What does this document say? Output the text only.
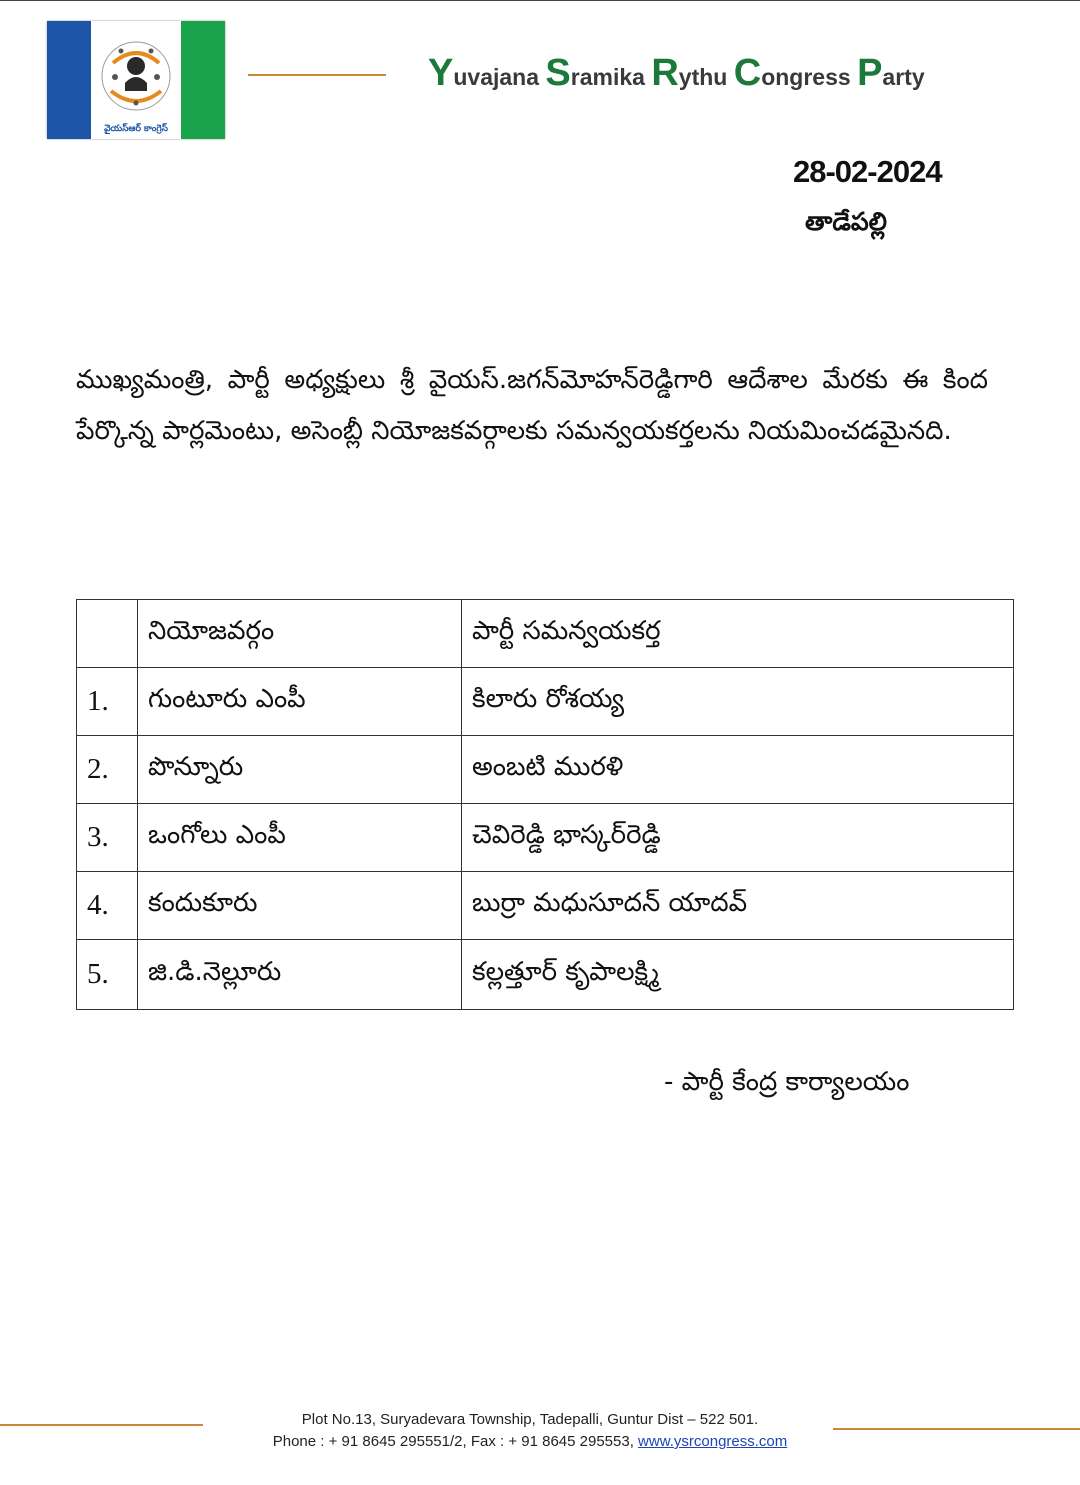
వైయస్ఆర్ కాంగ్రెస్
Yuvajana Sramika Rythu Congress Party
28-02-2024
తాడేపల్లి
ముఖ్యమంత్రి, పార్టీ అధ్యక్షులు శ్రీ వైయస్.జగన్‌మోహన్‌రెడ్డిగారి ఆదేశాల మేరకు ఈ కింద పేర్కొన్న పార్లమెంటు, అసెంబ్లీ నియోజకవర్గాలకు సమన్వయకర్తలను నియమించడమైనది.
	నియోజవర్గం	పార్టీ సమన్వయకర్త
1.	గుంటూరు ఎంపీ	కిలారు రోశయ్య
2.	పొన్నూరు	అంబటి మురళి
3.	ఒంగోలు ఎంపీ	చెవిరెడ్డి భాస్కర్‌రెడ్డి
4.	కందుకూరు	బుర్రా మధుసూదన్ యాదవ్
5.	జి.డి.నెల్లూరు	కల్లత్తూర్ కృపాలక్ష్మి
- పార్టీ కేంద్ర కార్యాలయం
Plot No.13, Suryadevara Township, Tadepalli, Guntur Dist – 522 501.
Phone : + 91 8645 295551/2, Fax : + 91 8645 295553, www.ysrcongress.com
